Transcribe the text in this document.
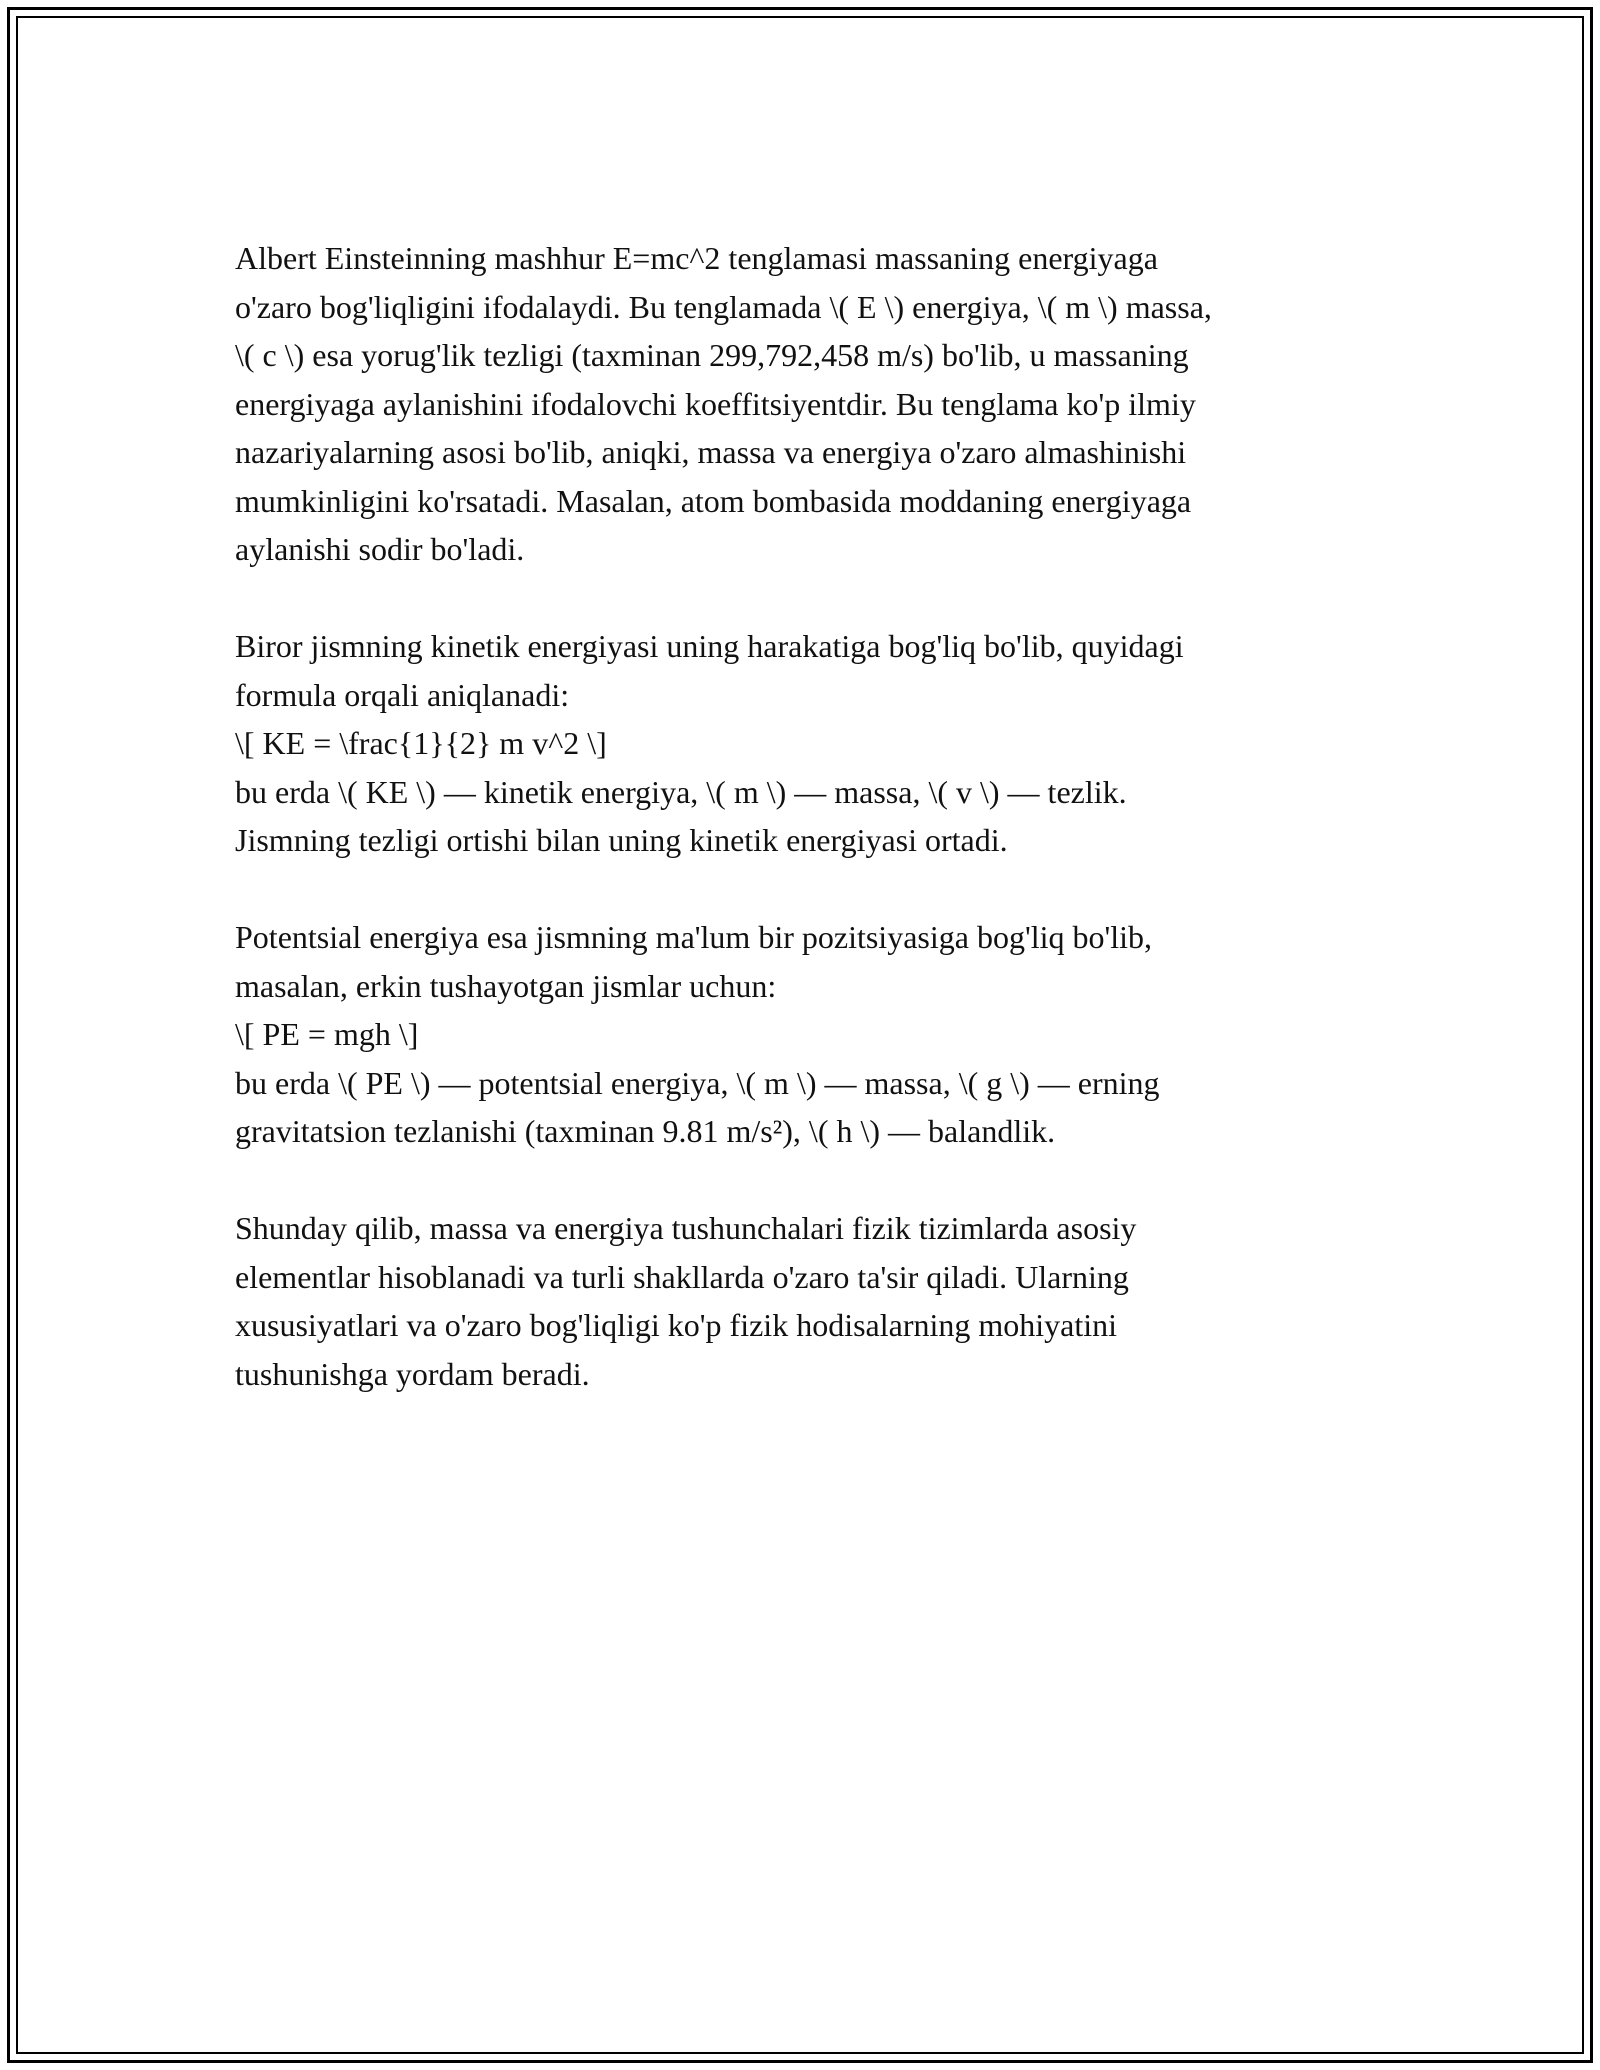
Albert Einsteinning mashhur E=mc^2 tenglamasi massaning energiyaga
o'zaro bog'liqligini ifodalaydi. Bu tenglamada \( E \) energiya, \( m \) massa,
\( c \) esa yorug'lik tezligi (taxminan 299,792,458 m/s) bo'lib, u massaning
energiyaga aylanishini ifodalovchi koeffitsiyentdir. Bu tenglama ko'p ilmiy
nazariyalarning asosi bo'lib, aniqki, massa va energiya o'zaro almashinishi
mumkinligini ko'rsatadi. Masalan, atom bombasida moddaning energiyaga
aylanishi sodir bo'ladi.

Biror jismning kinetik energiyasi uning harakatiga bog'liq bo'lib, quyidagi
formula orqali aniqlanadi:
\[ KE = \frac{1}{2} m v^2 \]
bu erda \( KE \) — kinetik energiya, \( m \) — massa, \( v \) — tezlik.
Jismning tezligi ortishi bilan uning kinetik energiyasi ortadi.

Potentsial energiya esa jismning ma'lum bir pozitsiyasiga bog'liq bo'lib,
masalan, erkin tushayotgan jismlar uchun:
\[ PE = mgh \]
bu erda \( PE \) — potentsial energiya, \( m \) — massa, \( g \) — erning
gravitatsion tezlanishi (taxminan 9.81 m/s²), \( h \) — balandlik.

Shunday qilib, massa va energiya tushunchalari fizik tizimlarda asosiy
elementlar hisoblanadi va turli shakllarda o'zaro ta'sir qiladi. Ularning
xususiyatlari va o'zaro bog'liqligi ko'p fizik hodisalarning mohiyatini
tushunishga yordam beradi.
